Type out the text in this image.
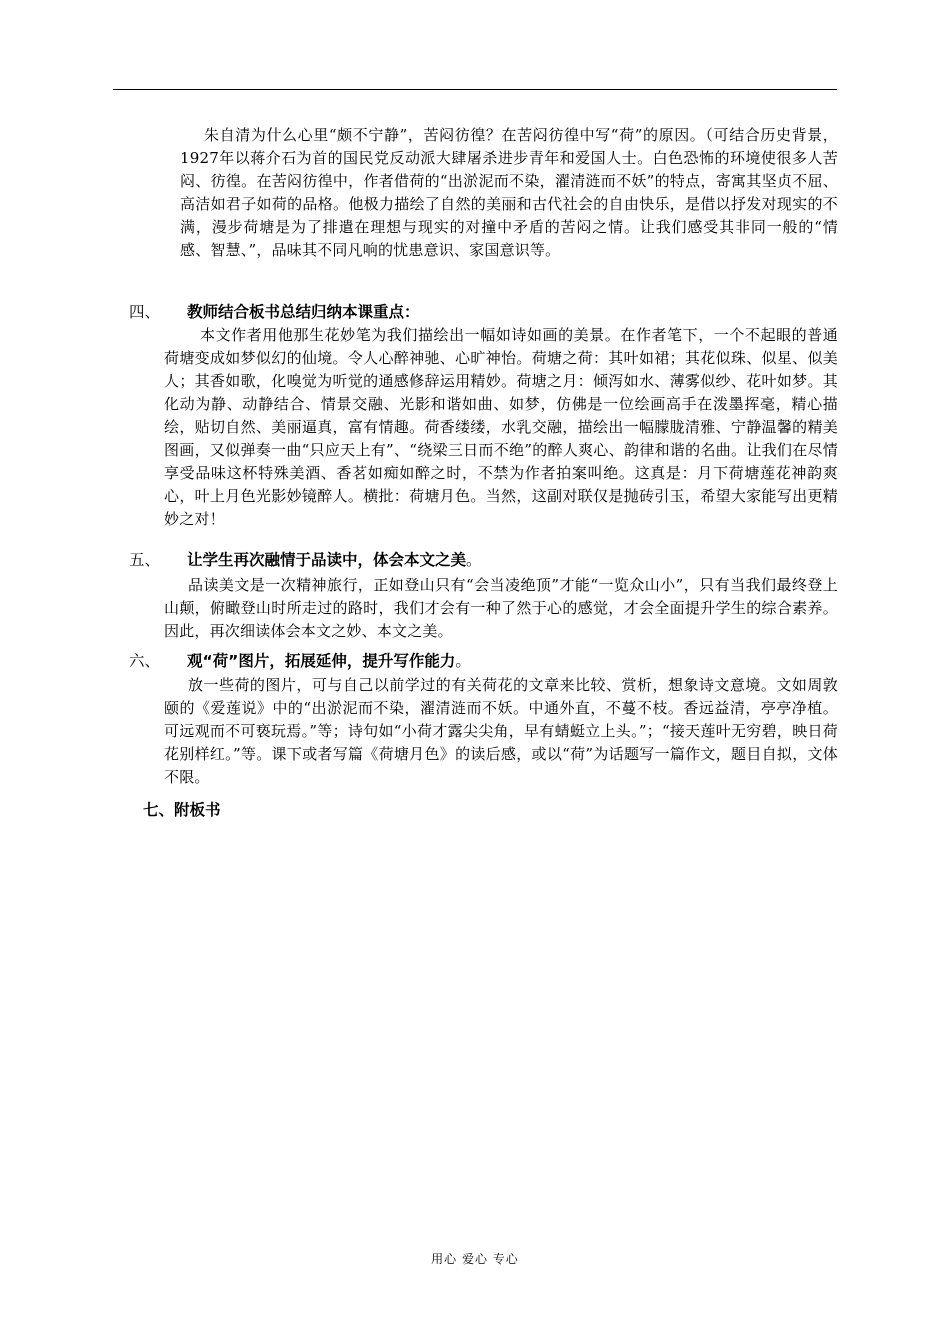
朱自清为什么心里“颇不宁静”，苦闷彷徨？在苦闷彷徨中写“荷”的原因。（可结合历史背景，1927年以蒋介石为首的国民党反动派大肆屠杀进步青年和爱国人士。白色恐怖的环境使很多人苦闷、彷徨。在苦闷彷徨中，作者借荷的“出淤泥而不染，濯清涟而不妖”的特点，寄寓其坚贞不屈、高洁如君子如荷的品格。他极力描绘了自然的美丽和古代社会的自由快乐，是借以抒发对现实的不满，漫步荷塘是为了排遣在理想与现实的对撞中矛盾的苦闷之情。让我们感受其非同一般的“情感、智慧、”，品味其不同凡响的忧患意识、家国意识等。

四、	教师结合板书总结归纳本课重点：

本文作者用他那生花妙笔为我们描绘出一幅如诗如画的美景。在作者笔下，一个不起眼的普通荷塘变成如梦似幻的仙境。令人心醉神驰、心旷神怡。荷塘之荷：其叶如裙；其花似珠、似星、似美人；其香如歌，化嗅觉为听觉的通感修辞运用精妙。荷塘之月：倾泻如水、薄雾似纱、花叶如梦。其化动为静、动静结合、情景交融、光影和谐如曲、如梦，仿佛是一位绘画高手在泼墨挥毫，精心描绘，贴切自然、美丽逼真，富有情趣。荷香缕缕，水乳交融，描绘出一幅朦胧清雅、宁静温馨的精美图画，又似弹奏一曲“只应天上有”、“绕梁三日而不绝”的醉人爽心、韵律和谐的名曲。让我们在尽情享受品味这杯特殊美酒、香茗如痴如醉之时，不禁为作者拍案叫绝。这真是：月下荷塘莲花神韵爽心，叶上月色光影妙镜醉人。横批：荷塘月色。当然，这副对联仅是抛砖引玉，希望大家能写出更精妙之对！

五、	让学生再次融情于品读中，体会本文之美。

品读美文是一次精神旅行，正如登山只有“会当凌绝顶”才能“一览众山小”，只有当我们最终登上山颠，俯瞰登山时所走过的路时，我们才会有一种了然于心的感觉，才会全面提升学生的综合素养。因此，再次细读体会本文之妙、本文之美。

六、	观“荷”图片，拓展延伸，提升写作能力。

放一些荷的图片，可与自己以前学过的有关荷花的文章来比较、赏析，想象诗文意境。文如周敦颐的《爱莲说》中的“出淤泥而不染，濯清涟而不妖。中通外直，不蔓不枝。香远益清，亭亭净植。可远观而不可亵玩焉。”等；诗句如“小荷才露尖尖角，早有蜻蜓立上头。”；“接天莲叶无穷碧，映日荷花别样红。”等。课下或者写篇《荷塘月色》的读后感，或以“荷”为话题写一篇作文，题目自拟，文体不限。

七、附板书
用心 爱心 专心
